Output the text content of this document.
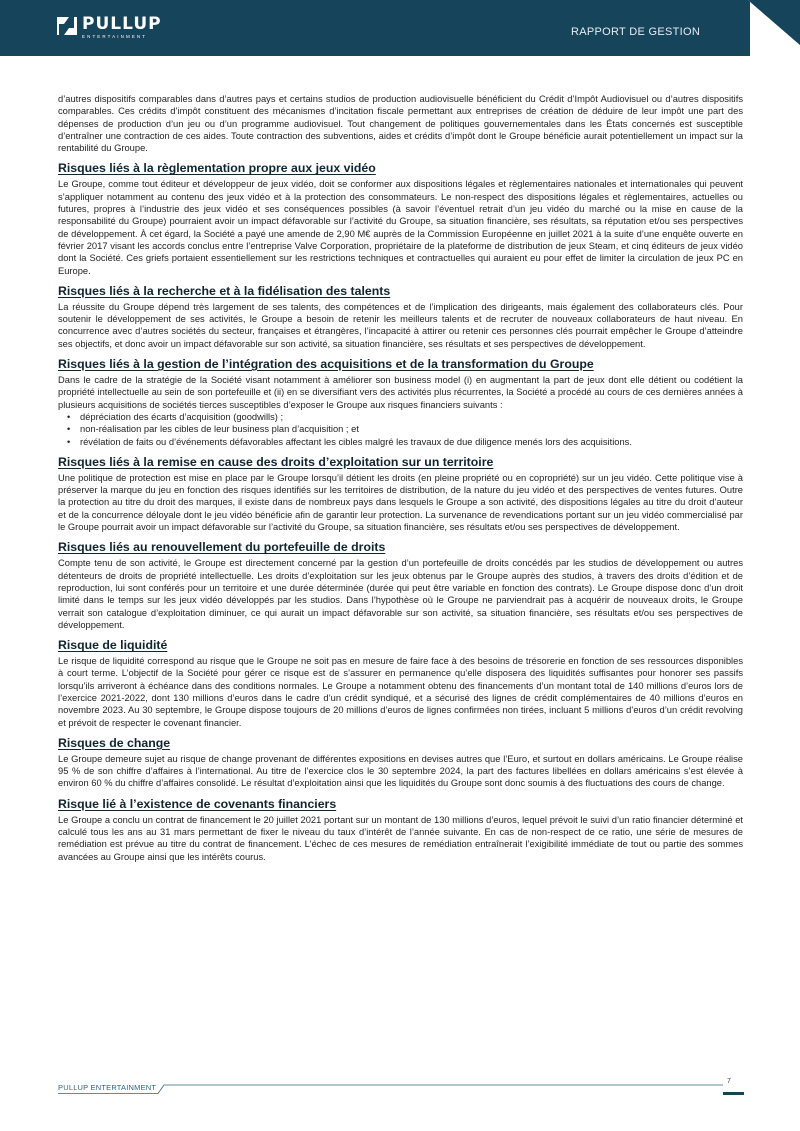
PULLUP
ENTERTAINMENT	RAPPORT DE GESTION 2

d’autres dispositifs comparables dans d’autres pays et certains studios de production audiovisuelle bénéficient du Crédit d’Impôt Audiovisuel ou d’autres dispositifs comparables. Ces crédits d’impôt constituent des mécanismes d’incitation fiscale permettant aux entreprises de création de déduire de leur impôt une part des dépenses de production d’un jeu ou d’un programme audiovisuel. Tout changement de politiques gouvernementales dans les États concernés est susceptible d’entraîner une contraction de ces aides. Toute contraction des subventions, aides et crédits d’impôt dont le Groupe bénéficie aurait potentiellement un impact sur la rentabilité du Groupe.

Risques liés à la règlementation propre aux jeux vidéo

Le Groupe, comme tout éditeur et développeur de jeux vidéo, doit se conformer aux dispositions légales et règlementaires nationales et internationales qui peuvent s’appliquer notamment au contenu des jeux vidéo et à la protection des consommateurs. Le non-respect des dispositions légales et règlementaires, actuelles ou futures, propres à l’industrie des jeux vidéo et ses conséquences possibles (à savoir l’éventuel retrait d’un jeu vidéo du marché ou la mise en cause de la responsabilité du Groupe) pourraient avoir un impact défavorable sur l’activité du Groupe, sa situation financière, ses résultats, sa réputation et/ou ses perspectives de développement. À cet égard, la Société a payé une amende de 2,90 M€ auprès de la Commission Européenne en juillet 2021 à la suite d’une enquête ouverte en février 2017 visant les accords conclus entre l’entreprise Valve Corporation, propriétaire de la plateforme de distribution de jeux Steam, et cinq éditeurs de jeux vidéo dont la Société. Ces griefs portaient essentiellement sur les restrictions techniques et contractuelles qui auraient eu pour effet de limiter la circulation de jeux PC en Europe.

Risques liés à la recherche et à la fidélisation des talents

La réussite du Groupe dépend très largement de ses talents, des compétences et de l’implication des dirigeants, mais également des collaborateurs clés. Pour soutenir le développement de ses activités, le Groupe a besoin de retenir les meilleurs talents et de recruter de nouveaux collaborateurs de haut niveau. En concurrence avec d’autres sociétés du secteur, françaises et étrangères, l’incapacité à attirer ou retenir ces personnes clés pourrait empêcher le Groupe d’atteindre ses objectifs, et donc avoir un impact défavorable sur son activité, sa situation financière, ses résultats et ses perspectives de développement.

Risques liés à la gestion de l’intégration des acquisitions et de la transformation du Groupe

Dans le cadre de la stratégie de la Société visant notamment à améliorer son business model (i) en augmentant la part de jeux dont elle détient ou codétient la propriété intellectuelle au sein de son portefeuille et (ii) en se diversifiant vers des activités plus récurrentes, la Société a procédé au cours de ces dernières années à plusieurs acquisitions de sociétés tierces susceptibles d’exposer le Groupe aux risques financiers suivants :

• dépréciation des écarts d’acquisition (goodwills) ;
• non-réalisation par les cibles de leur business plan d’acquisition ; et
• révélation de faits ou d’événements défavorables affectant les cibles malgré les travaux de due diligence menés lors des acquisitions.
Risques liés à la remise en cause des droits d’exploitation sur un territoire

Une politique de protection est mise en place par le Groupe lorsqu’il détient les droits (en pleine propriété ou en copropriété) sur un jeu vidéo. Cette politique vise à préserver la marque du jeu en fonction des risques identifiés sur les territoires de distribution, de la nature du jeu vidéo et des perspectives de ventes futures. Outre la protection au titre du droit des marques, il existe dans de nombreux pays dans lesquels le Groupe a son activité, des dispositions légales au titre du droit d’auteur et de la concurrence déloyale dont le jeu vidéo bénéficie afin de garantir leur protection. La survenance de revendications portant sur un jeu vidéo commercialisé par le Groupe pourrait avoir un impact défavorable sur l’activité du Groupe, sa situation financière, ses résultats et/ou ses perspectives de développement.

Risques liés au renouvellement du portefeuille de droits

Compte tenu de son activité, le Groupe est directement concerné par la gestion d’un portefeuille de droits concédés par les studios de développement ou autres détenteurs de droits de propriété intellectuelle. Les droits d’exploitation sur les jeux obtenus par le Groupe auprès des studios, à travers des droits d’édition et de reproduction, lui sont conférés pour un territoire et une durée déterminée (durée qui peut être variable en fonction des contrats). Le Groupe dispose donc d’un droit limité dans le temps sur les jeux vidéo développés par les studios. Dans l’hypothèse où le Groupe ne parviendrait pas à acquérir de nouveaux droits, le Groupe verrait son catalogue d’exploitation diminuer, ce qui aurait un impact défavorable sur son activité, sa situation financière, ses résultats et/ou ses perspectives de développement.

Risque de liquidité

Le risque de liquidité correspond au risque que le Groupe ne soit pas en mesure de faire face à des besoins de trésorerie en fonction de ses ressources disponibles à court terme. L’objectif de la Société pour gérer ce risque est de s’assurer en permanence qu’elle disposera des liquidités suffisantes pour honorer ses passifs lorsqu’ils arriveront à échéance dans des conditions normales. Le Groupe a notamment obtenu des financements d’un montant total de 140 millions d’euros lors de l’exercice 2021-2022, dont 130 millions d’euros dans le cadre d’un crédit syndiqué, et a sécurisé des lignes de crédit complémentaires de 40 millions d’euros en novembre 2023. Au 30 septembre, le Groupe dispose toujours de 20 millions d’euros de lignes confirmées non tirées, incluant 5 millions d’euros d’un crédit revolving et prévoit de respecter le covenant financier.

Risques de change

Le Groupe demeure sujet au risque de change provenant de différentes expositions en devises autres que l’Euro, et surtout en dollars américains. Le Groupe réalise 95 % de son chiffre d’affaires à l’international. Au titre de l’exercice clos le 30 septembre 2024, la part des factures libellées en dollars américains s’est élevée à environ 60 % du chiffre d’affaires consolidé. Le résultat d’exploitation ainsi que les liquidités du Groupe sont donc soumis à des fluctuations des cours de change.

Risque lié à l’existence de covenants financiers

Le Groupe a conclu un contrat de financement le 20 juillet 2021 portant sur un montant de 130 millions d’euros, lequel prévoit le suivi d’un ratio financier déterminé et calculé tous les ans au 31 mars permettant de fixer le niveau du taux d’intérêt de l’année suivante. En cas de non-respect de ce ratio, une série de mesures de remédiation est prévue au titre du contrat de financement. L’échec de ces mesures de remédiation entraînerait l’exigibilité immédiate de tout ou partie des sommes avancées au Groupe ainsi que les intérêts courus.

PULLUP ENTERTAINMENT
7
